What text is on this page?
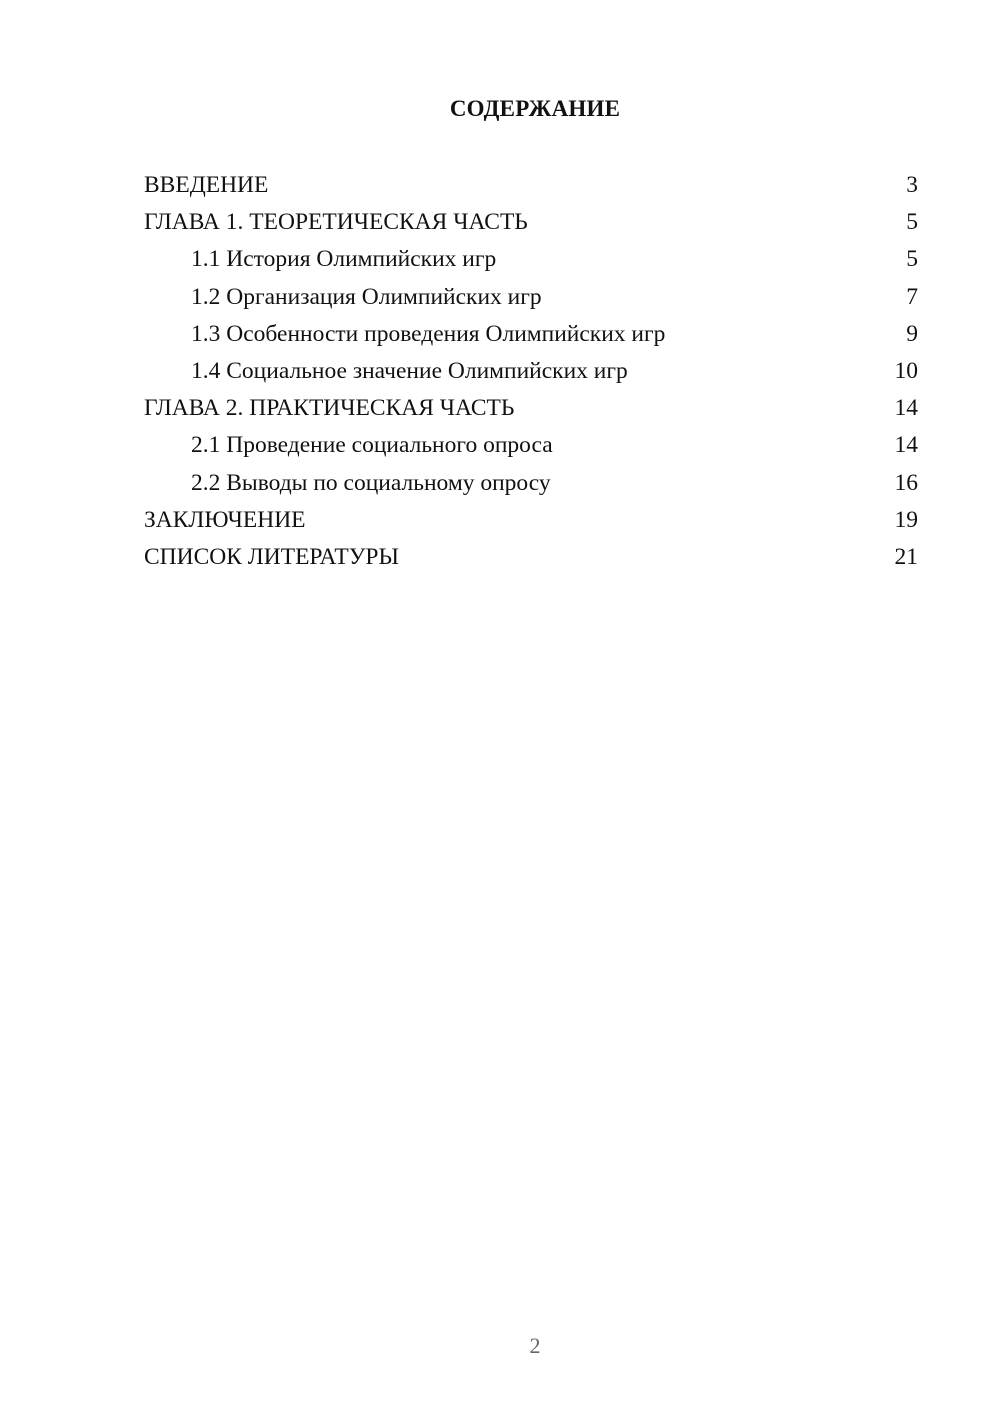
СОДЕРЖАНИЕ
ВВЕДЕНИЕ	3
ГЛАВА 1. ТЕОРЕТИЧЕСКАЯ ЧАСТЬ	5
1.1 История Олимпийских игр	5
1.2 Организация Олимпийских игр	7
1.3 Особенности проведения Олимпийских игр	9
1.4 Социальное значение Олимпийских игр	10
ГЛАВА 2. ПРАКТИЧЕСКАЯ ЧАСТЬ	14
2.1 Проведение социального опроса	14
2.2 Выводы по социальному опросу	16
ЗАКЛЮЧЕНИЕ	19
СПИСОК ЛИТЕРАТУРЫ	21
2
